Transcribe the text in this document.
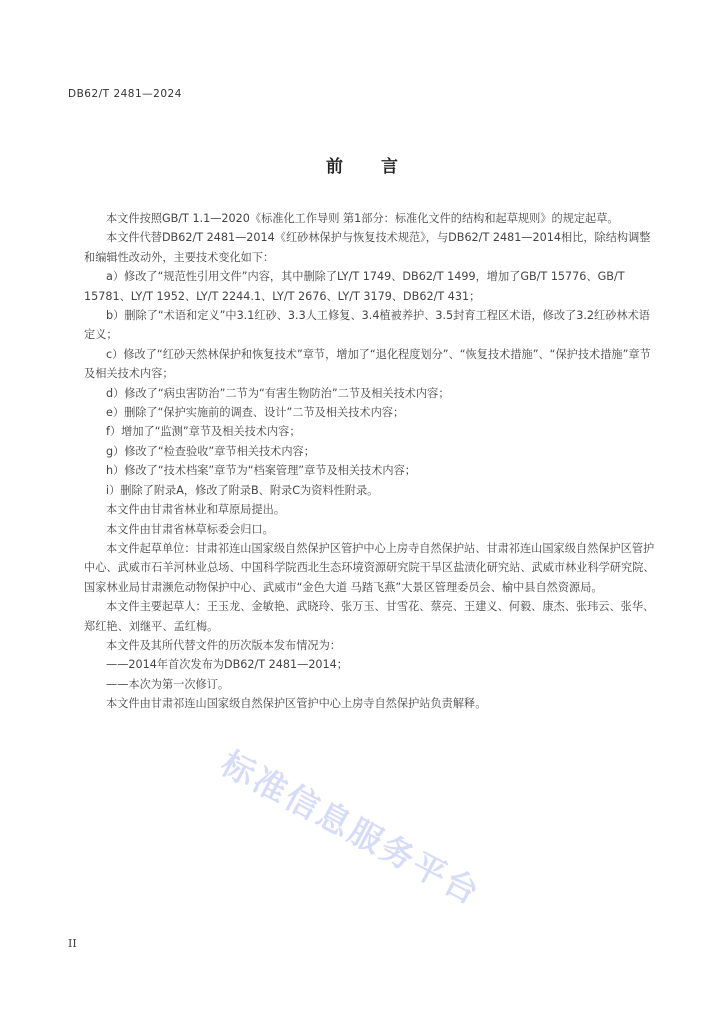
DB62/T 2481—2024
前言

本文件按照GB/T 1.1—2020《标准化工作导则 第1部分：标准化文件的结构和起草规则》的规定起草。

本文件代替DB62/T 2481—2014《红砂林保护与恢复技术规范》，与DB62/T 2481—2014相比，除结构调整和编辑性改动外，主要技术变化如下：

a）修改了“规范性引用文件”内容，其中删除了LY/T 1749、DB62/T 1499，增加了GB/T 15776、GB/T 15781、LY/T 1952、LY/T 2244.1、LY/T 2676、LY/T 3179、DB62/T 431；

b）删除了“术语和定义”中3.1红砂、3.3人工修复、3.4植被养护、3.5封育工程区术语，修改了3.2红砂林术语定义；

c）修改了“红砂天然林保护和恢复技术”章节，增加了“退化程度划分”、“恢复技术措施”、“保护技术措施”章节及相关技术内容；

d）修改了“病虫害防治”二节为“有害生物防治”二节及相关技术内容；

e）删除了“保护实施前的调查、设计”二节及相关技术内容；

f）增加了“监测”章节及相关技术内容；

g）修改了“检查验收”章节相关技术内容；

h）修改了“技术档案”章节为“档案管理”章节及相关技术内容；

i）删除了附录A，修改了附录B、附录C为资料性附录。

本文件由甘肃省林业和草原局提出。

本文件由甘肃省林草标委会归口。

本文件起草单位：甘肃祁连山国家级自然保护区管护中心上房寺自然保护站、甘肃祁连山国家级自然保护区管护中心、武威市石羊河林业总场、中国科学院西北生态环境资源研究院干旱区盐渍化研究站、武威市林业科学研究院、国家林业局甘肃濒危动物保护中心、武威市“金色大道 马踏飞燕”大景区管理委员会、榆中县自然资源局。

本文件主要起草人：王玉龙、金敏艳、武晓玲、张万玉、甘雪花、蔡亮、王建义、何毅、康杰、张玮云、张华、郑红艳、刘继平、孟红梅。

本文件及其所代替文件的历次版本发布情况为：

——2014年首次发布为DB62/T 2481—2014；

——本次为第一次修订。

本文件由甘肃祁连山国家级自然保护区管护中心上房寺自然保护站负责解释。

标准信息服务平台
II
